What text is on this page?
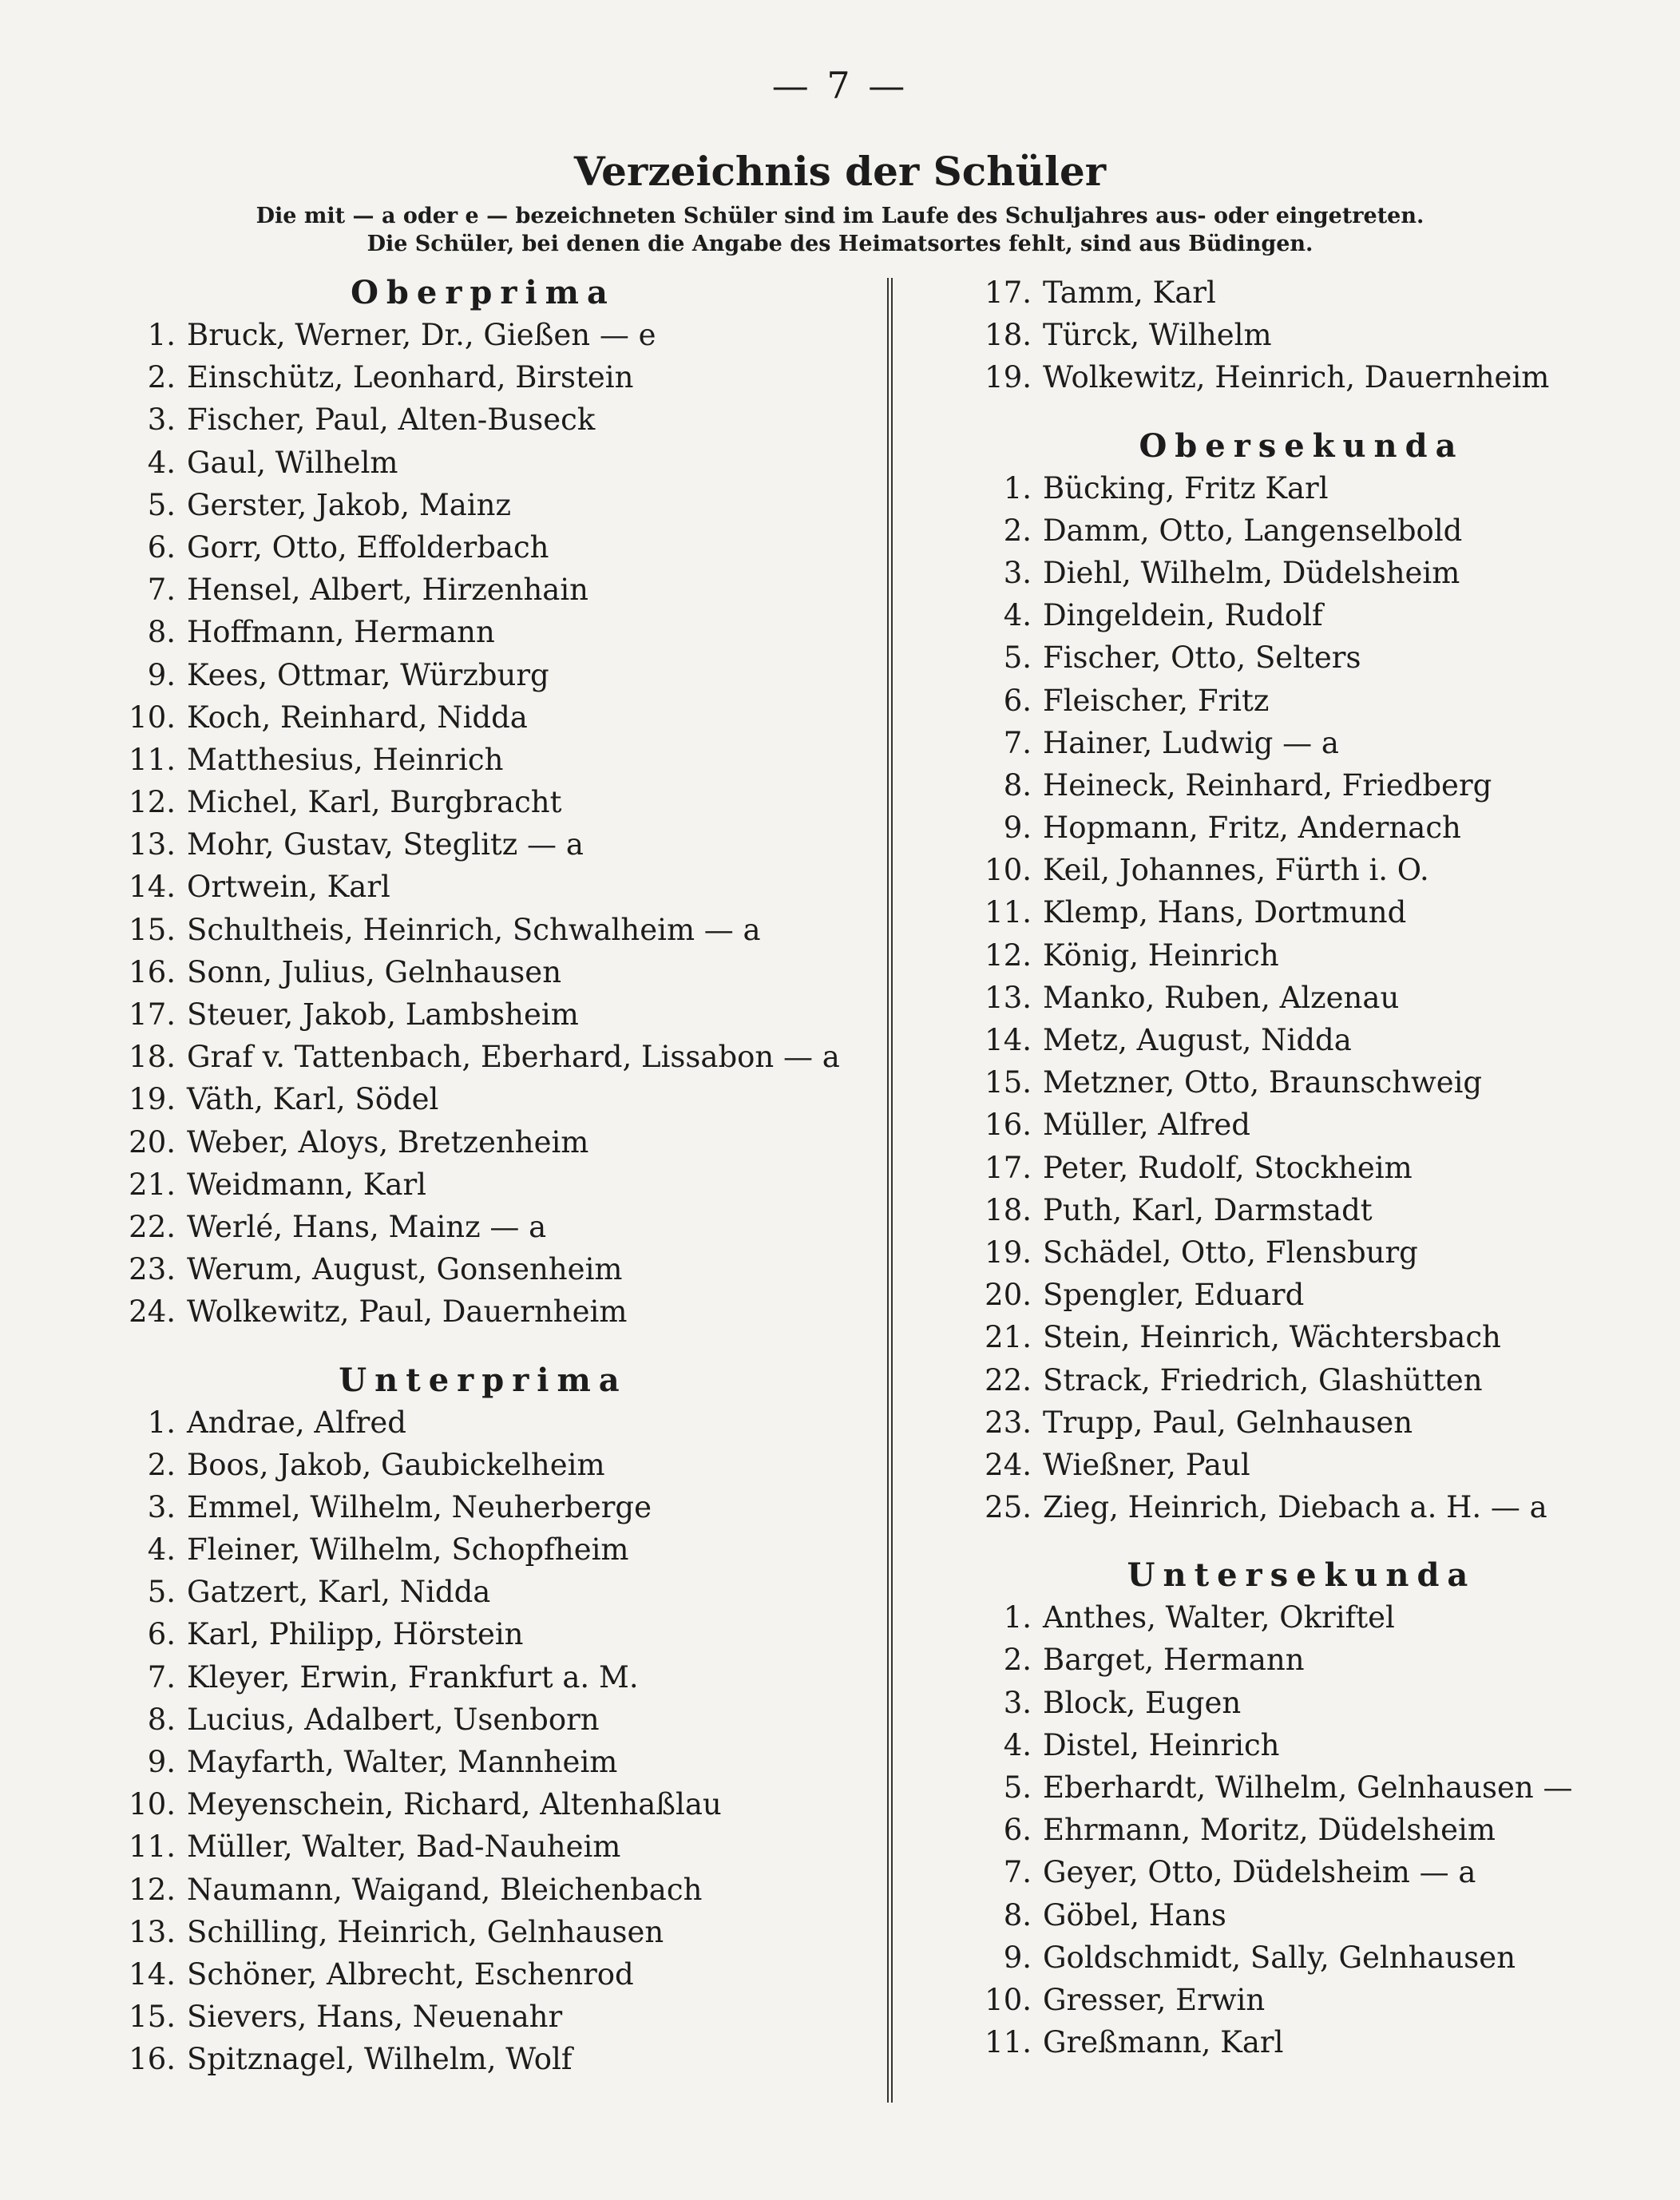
— 7 —
Verzeichnis der Schüler
Die mit — a oder e — bezeichneten Schüler sind im Laufe des Schuljahres aus- oder eingetreten.
Die Schüler, bei denen die Angabe des Heimatsortes fehlt, sind aus Büdingen.
Oberprima
1. Bruck, Werner, Dr., Gießen — e
2. Einschütz, Leonhard, Birstein
3. Fischer, Paul, Alten-Buseck
4. Gaul, Wilhelm
5. Gerster, Jakob, Mainz
6. Gorr, Otto, Effolderbach
7. Hensel, Albert, Hirzenhain
8. Hoffmann, Hermann
9. Kees, Ottmar, Würzburg
10. Koch, Reinhard, Nidda
11. Matthesius, Heinrich
12. Michel, Karl, Burgbracht
13. Mohr, Gustav, Steglitz — a
14. Ortwein, Karl
15. Schultheis, Heinrich, Schwalheim — a
16. Sonn, Julius, Gelnhausen
17. Steuer, Jakob, Lambsheim
18. Graf v. Tattenbach, Eberhard, Lissabon — a
19. Väth, Karl, Södel
20. Weber, Aloys, Bretzenheim
21. Weidmann, Karl
22. Werlé, Hans, Mainz — a
23. Werum, August, Gonsenheim
24. Wolkewitz, Paul, Dauernheim
Unterprima
1. Andrae, Alfred
2. Boos, Jakob, Gaubickelheim
3. Emmel, Wilhelm, Neuherberge
4. Fleiner, Wilhelm, Schopfheim
5. Gatzert, Karl, Nidda
6. Karl, Philipp, Hörstein
7. Kleyer, Erwin, Frankfurt a. M.
8. Lucius, Adalbert, Usenborn
9. Mayfarth, Walter, Mannheim
10. Meyenschein, Richard, Altenhaßlau
11. Müller, Walter, Bad-Nauheim
12. Naumann, Waigand, Bleichenbach
13. Schilling, Heinrich, Gelnhausen
14. Schöner, Albrecht, Eschenrod
15. Sievers, Hans, Neuenahr
16. Spitznagel, Wilhelm, Wolf
17. Tamm, Karl
18. Türck, Wilhelm
19. Wolkewitz, Heinrich, Dauernheim
Obersekunda
1. Bücking, Fritz Karl
2. Damm, Otto, Langenselbold
3. Diehl, Wilhelm, Düdelsheim
4. Dingeldein, Rudolf
5. Fischer, Otto, Selters
6. Fleischer, Fritz
7. Hainer, Ludwig — a
8. Heineck, Reinhard, Friedberg
9. Hopmann, Fritz, Andernach
10. Keil, Johannes, Fürth i. O.
11. Klemp, Hans, Dortmund
12. König, Heinrich
13. Manko, Ruben, Alzenau
14. Metz, August, Nidda
15. Metzner, Otto, Braunschweig
16. Müller, Alfred
17. Peter, Rudolf, Stockheim
18. Puth, Karl, Darmstadt
19. Schädel, Otto, Flensburg
20. Spengler, Eduard
21. Stein, Heinrich, Wächtersbach
22. Strack, Friedrich, Glashütten
23. Trupp, Paul, Gelnhausen
24. Wießner, Paul
25. Zieg, Heinrich, Diebach a. H. — a
Untersekunda
1. Anthes, Walter, Okriftel
2. Barget, Hermann
3. Block, Eugen
4. Distel, Heinrich
5. Eberhardt, Wilhelm, Gelnhausen —
6. Ehrmann, Moritz, Düdelsheim
7. Geyer, Otto, Düdelsheim — a
8. Göbel, Hans
9. Goldschmidt, Sally, Gelnhausen
10. Gresser, Erwin
11. Greßmann, Karl
